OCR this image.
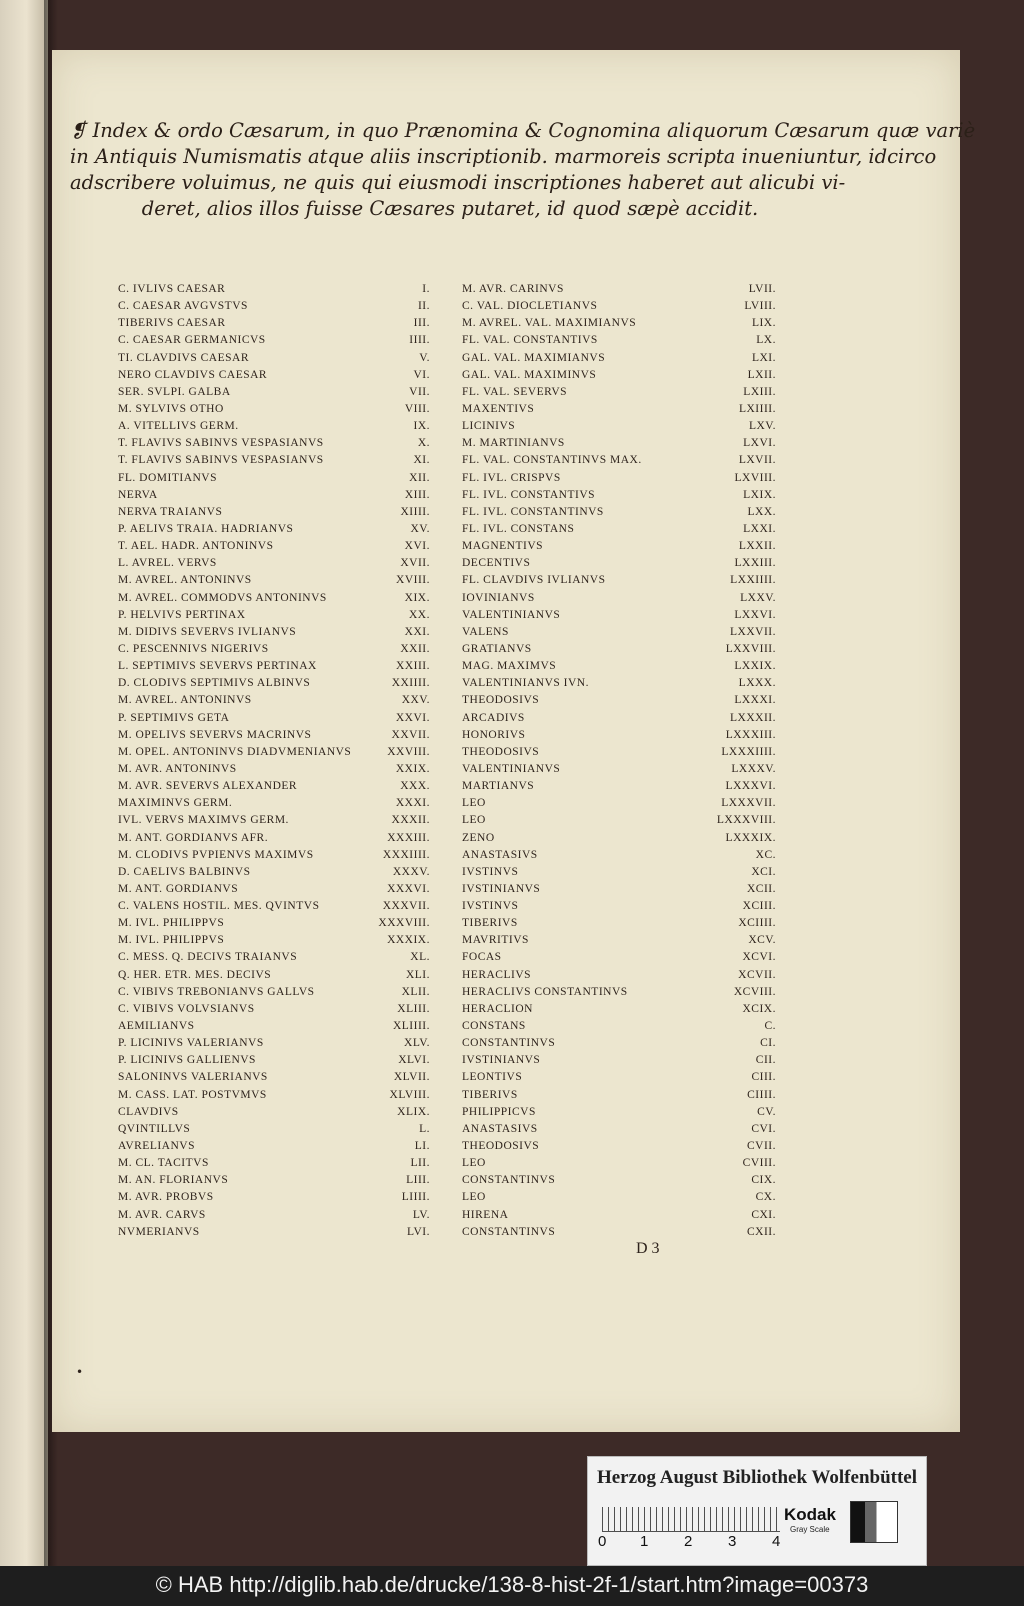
❡ Index & ordo Cæsarum, in quo Prænomina & Cognomina aliquorum Cæsarum quæ variè
in Antiquis Numismatis atque aliis inscriptionib. marmoreis scripta inueniuntur, idcirco
adscribere voluimus, ne quis qui eiusmodi inscriptiones haberet aut alicubi vi-
deret, alios illos fuisse Cæsares putaret, id quod sæpè accidit.
C. IVLIVS CAESAR	I.
C. CAESAR AVGVSTVS	II.
TIBERIVS CAESAR	III.
C. CAESAR GERMANICVS	IIII.
TI. CLAVDIVS CAESAR	V.
NERO CLAVDIVS CAESAR	VI.
SER. SVLPI. GALBA	VII.
M. SYLVIVS OTHO	VIII.
A. VITELLIVS GERM.	IX.
T. FLAVIVS SABINVS VESPASIANVS	X.
T. FLAVIVS SABINVS VESPASIANVS	XI.
FL. DOMITIANVS	XII.
NERVA	XIII.
NERVA TRAIANVS	XIIII.
P. AELIVS TRAIA. HADRIANVS	XV.
T. AEL. HADR. ANTONINVS	XVI.
L. AVREL. VERVS	XVII.
M. AVREL. ANTONINVS	XVIII.
M. AVREL. COMMODVS ANTONINVS	XIX.
P. HELVIVS PERTINAX	XX.
M. DIDIVS SEVERVS IVLIANVS	XXI.
C. PESCENNIVS NIGERIVS	XXII.
L. SEPTIMIVS SEVERVS PERTINAX	XXIII.
D. CLODIVS SEPTIMIVS ALBINVS	XXIIII.
M. AVREL. ANTONINVS	XXV.
P. SEPTIMIVS GETA	XXVI.
M. OPELIVS SEVERVS MACRINVS	XXVII.
M. OPEL. ANTONINVS DIADVMENIANVS	XXVIII.
M. AVR. ANTONINVS	XXIX.
M. AVR. SEVERVS ALEXANDER	XXX.
MAXIMINVS GERM.	XXXI.
IVL. VERVS MAXIMVS GERM.	XXXII.
M. ANT. GORDIANVS AFR.	XXXIII.
M. CLODIVS PVPIENVS MAXIMVS	XXXIIII.
D. CAELIVS BALBINVS	XXXV.
M. ANT. GORDIANVS	XXXVI.
C. VALENS HOSTIL. MES. QVINTVS	XXXVII.
M. IVL. PHILIPPVS	XXXVIII.
M. IVL. PHILIPPVS	XXXIX.
C. MESS. Q. DECIVS TRAIANVS	XL.
Q. HER. ETR. MES. DECIVS	XLI.
C. VIBIVS TREBONIANVS GALLVS	XLII.
C. VIBIVS VOLVSIANVS	XLIII.
AEMILIANVS	XLIIII.
P. LICINIVS VALERIANVS	XLV.
P. LICINIVS GALLIENVS	XLVI.
SALONINVS VALERIANVS	XLVII.
M. CASS. LAT. POSTVMVS	XLVIII.
CLAVDIVS	XLIX.
QVINTILLVS	L.
AVRELIANVS	LI.
M. CL. TACITVS	LII.
M. AN. FLORIANVS	LIII.
M. AVR. PROBVS	LIIII.
M. AVR. CARVS	LV.
NVMERIANVS	LVI.
M. AVR. CARINVS	LVII.
C. VAL. DIOCLETIANVS	LVIII.
M. AVREL. VAL. MAXIMIANVS	LIX.
FL. VAL. CONSTANTIVS	LX.
GAL. VAL. MAXIMIANVS	LXI.
GAL. VAL. MAXIMINVS	LXII.
FL. VAL. SEVERVS	LXIII.
MAXENTIVS	LXIIII.
LICINIVS	LXV.
M. MARTINIANVS	LXVI.
FL. VAL. CONSTANTINVS MAX.	LXVII.
FL. IVL. CRISPVS	LXVIII.
FL. IVL. CONSTANTIVS	LXIX.
FL. IVL. CONSTANTINVS	LXX.
FL. IVL. CONSTANS	LXXI.
MAGNENTIVS	LXXII.
DECENTIVS	LXXIII.
FL. CLAVDIVS IVLIANVS	LXXIIII.
IOVINIANVS	LXXV.
VALENTINIANVS	LXXVI.
VALENS	LXXVII.
GRATIANVS	LXXVIII.
MAG. MAXIMVS	LXXIX.
VALENTINIANVS IVN.	LXXX.
THEODOSIVS	LXXXI.
ARCADIVS	LXXXII.
HONORIVS	LXXXIII.
THEODOSIVS	LXXXIIII.
VALENTINIANVS	LXXXV.
MARTIANVS	LXXXVI.
LEO	LXXXVII.
LEO	LXXXVIII.
ZENO	LXXXIX.
ANASTASIVS	XC.
IVSTINVS	XCI.
IVSTINIANVS	XCII.
IVSTINVS	XCIII.
TIBERIVS	XCIIII.
MAVRITIVS	XCV.
FOCAS	XCVI.
HERACLIVS	XCVII.
HERACLIVS CONSTANTINVS	XCVIII.
HERACLION	XCIX.
CONSTANS	C.
CONSTANTINVS	CI.
IVSTINIANVS	CII.
LEONTIVS	CIII.
TIBERIVS	CIIII.
PHILIPPICVS	CV.
ANASTASIVS	CVI.
THEODOSIVS	CVII.
LEO	CVIII.
CONSTANTINVS	CIX.
LEO	CX.
HIRENA	CXI.
CONSTANTINVS	CXII.
D 3
•
Herzog August Bibliothek Wolfenbüttel
0 1 2 3 4
Kodak
Gray Scale
© HAB http://diglib.hab.de/drucke/138-8-hist-2f-1/start.htm?image=00373
